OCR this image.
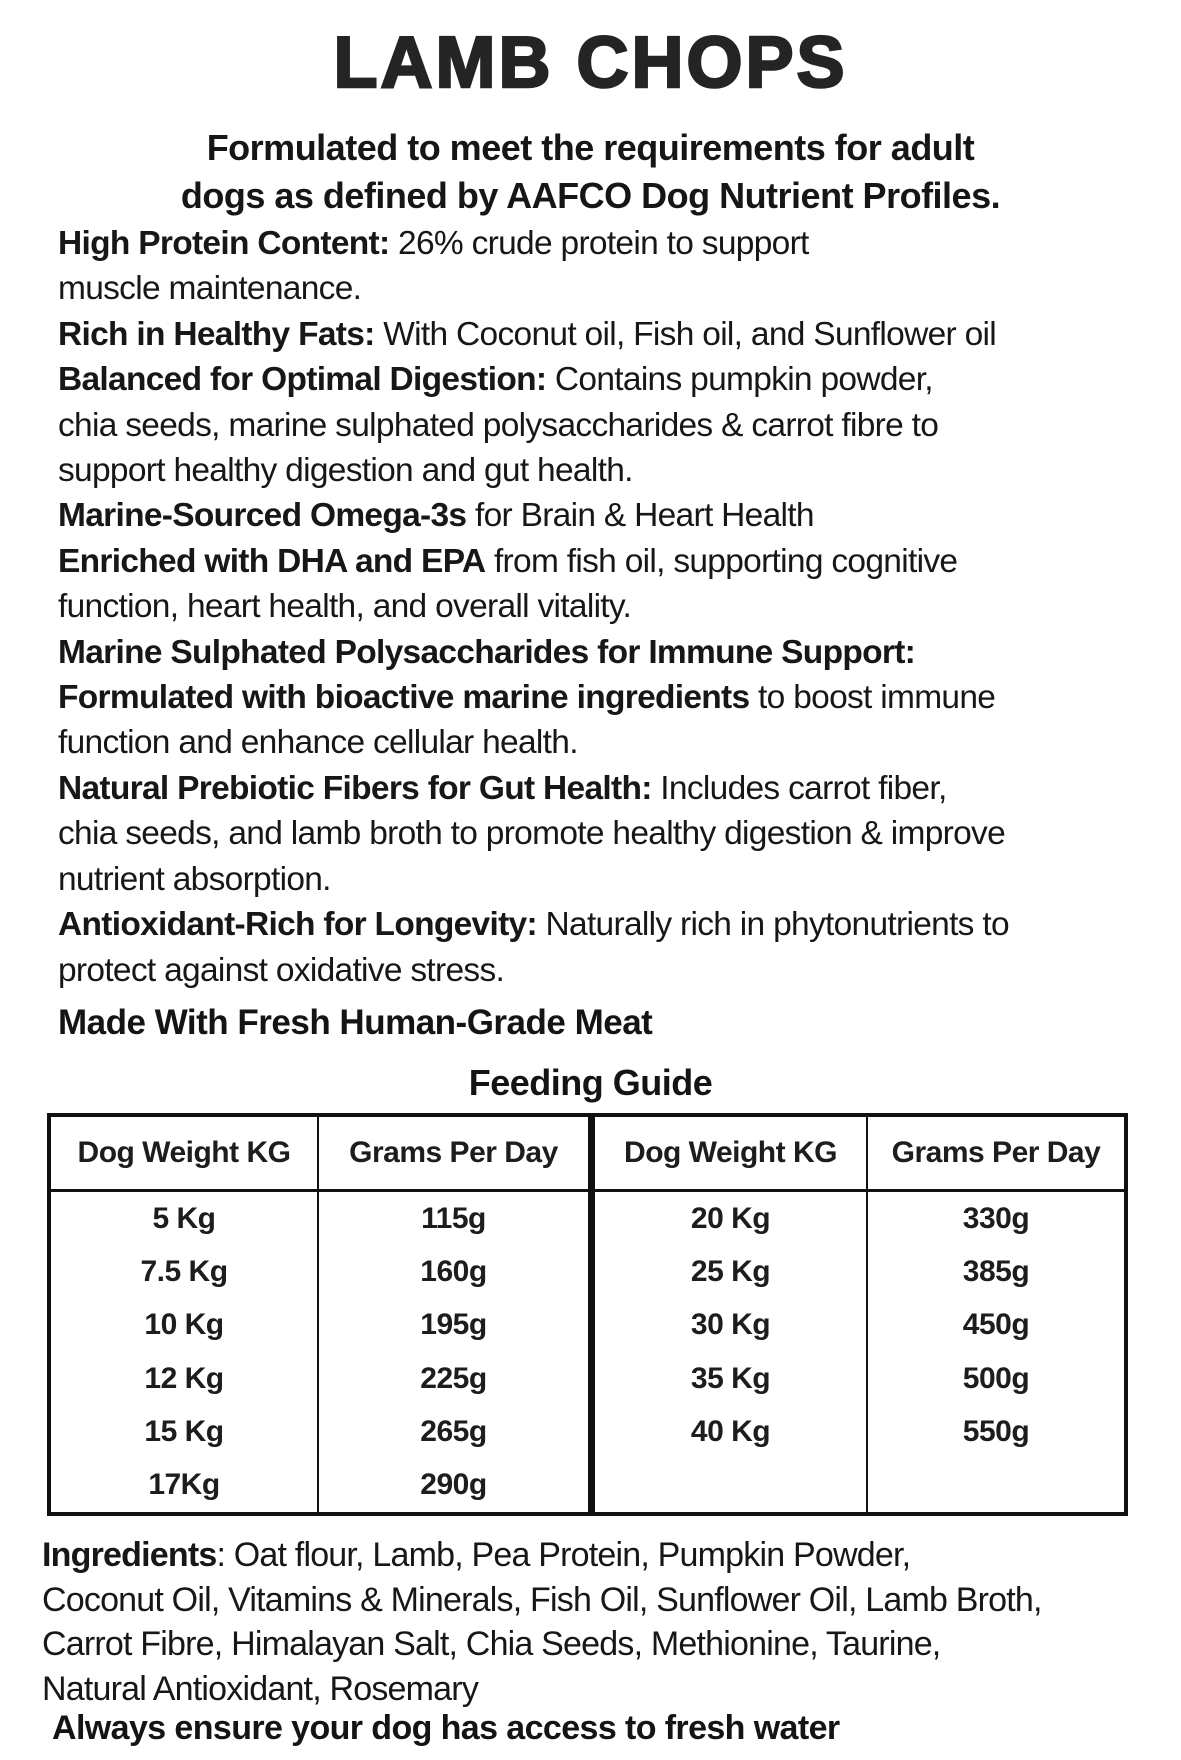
LAMB CHOPS
Formulated to meet the requirements for adult
dogs as defined by AAFCO Dog Nutrient Profiles.
High Protein Content: 26% crude protein to support
muscle maintenance.
Rich in Healthy Fats: With Coconut oil, Fish oil, and Sunflower oil
Balanced for Optimal Digestion: Contains pumpkin powder,
chia seeds, marine sulphated polysaccharides & carrot fibre to
support healthy digestion and gut health.
Marine-Sourced Omega-3s for Brain & Heart Health
Enriched with DHA and EPA from fish oil, supporting cognitive
function, heart health, and overall vitality.
Marine Sulphated Polysaccharides for Immune Support:
Formulated with bioactive marine ingredients to boost immune
function and enhance cellular health.
Natural Prebiotic Fibers for Gut Health: Includes carrot fiber,
chia seeds, and lamb broth to promote healthy digestion & improve
nutrient absorption.
Antioxidant-Rich for Longevity: Naturally rich in phytonutrients to
protect against oxidative stress.
Made With Fresh Human-Grade Meat
Feeding Guide
Dog Weight KG	Grams Per Day	Dog Weight KG	Grams Per Day
5 Kg	115g	20 Kg	330g
7.5 Kg	160g	25 Kg	385g
10 Kg	195g	30 Kg	450g
12 Kg	225g	35 Kg	500g
15 Kg	265g	40 Kg	550g
17Kg	290g
Ingredients: Oat flour, Lamb, Pea Protein, Pumpkin Powder,
Coconut Oil, Vitamins & Minerals, Fish Oil, Sunflower Oil, Lamb Broth,
Carrot Fibre, Himalayan Salt, Chia Seeds, Methionine, Taurine,
Natural Antioxidant, Rosemary
Always ensure your dog has access to fresh water
